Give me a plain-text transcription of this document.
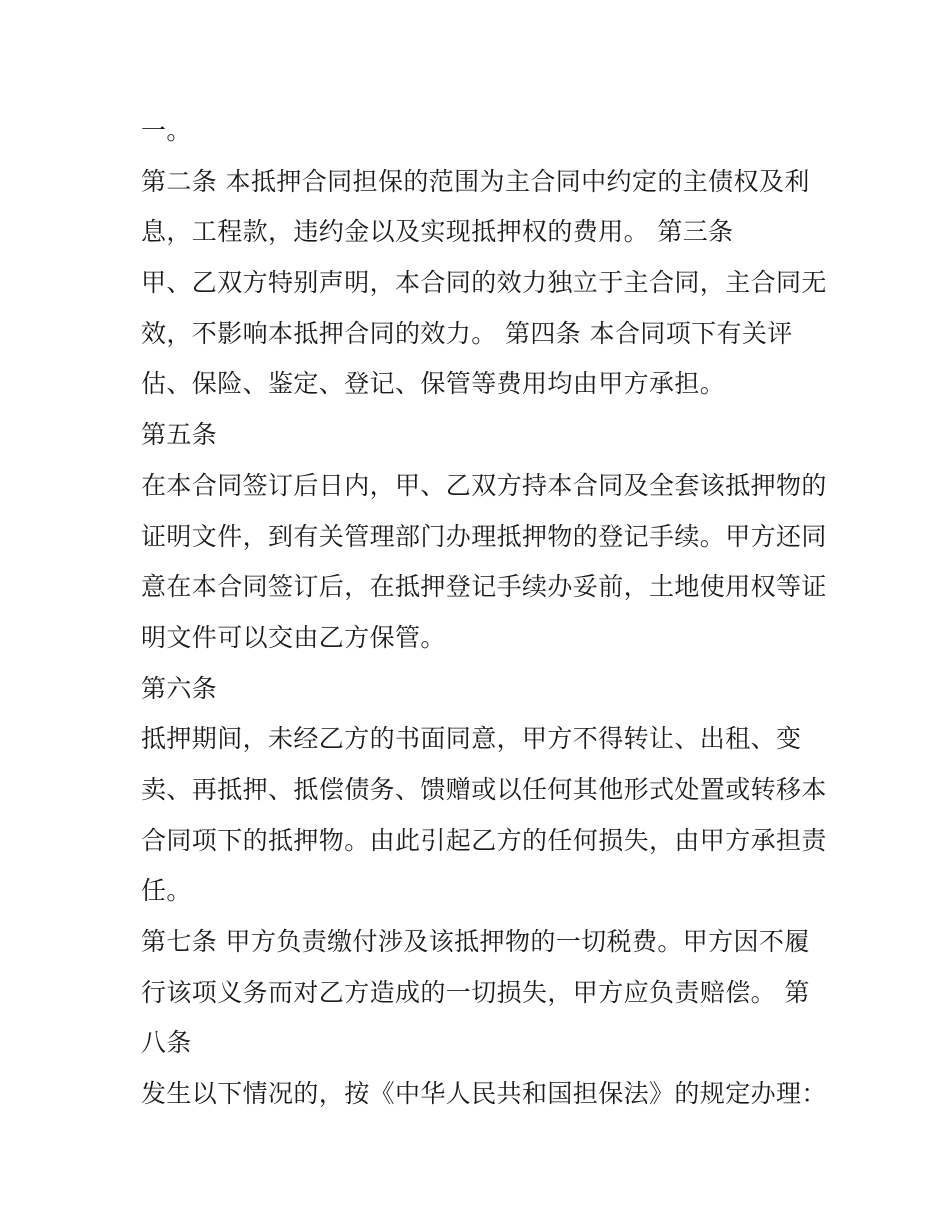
一。
第二条 本抵押合同担保的范围为主合同中约定的主债权及利
息，工程款，违约金以及实现抵押权的费用。 第三条
甲、乙双方特别声明，本合同的效力独立于主合同，主合同无
效，不影响本抵押合同的效力。 第四条 本合同项下有关评
估、保险、鉴定、登记、保管等费用均由甲方承担。
第五条
在本合同签订后日内，甲、乙双方持本合同及全套该抵押物的
证明文件，到有关管理部门办理抵押物的登记手续。甲方还同
意在本合同签订后，在抵押登记手续办妥前，土地使用权等证
明文件可以交由乙方保管。
第六条
抵押期间，未经乙方的书面同意，甲方不得转让、出租、变
卖、再抵押、抵偿债务、馈赠或以任何其他形式处置或转移本
合同项下的抵押物。由此引起乙方的任何损失，由甲方承担责
任。
第七条 甲方负责缴付涉及该抵押物的一切税费。甲方因不履
行该项义务而对乙方造成的一切损失，甲方应负责赔偿。 第
八条
发生以下情况的，按《中华人民共和国担保法》的规定办理：
